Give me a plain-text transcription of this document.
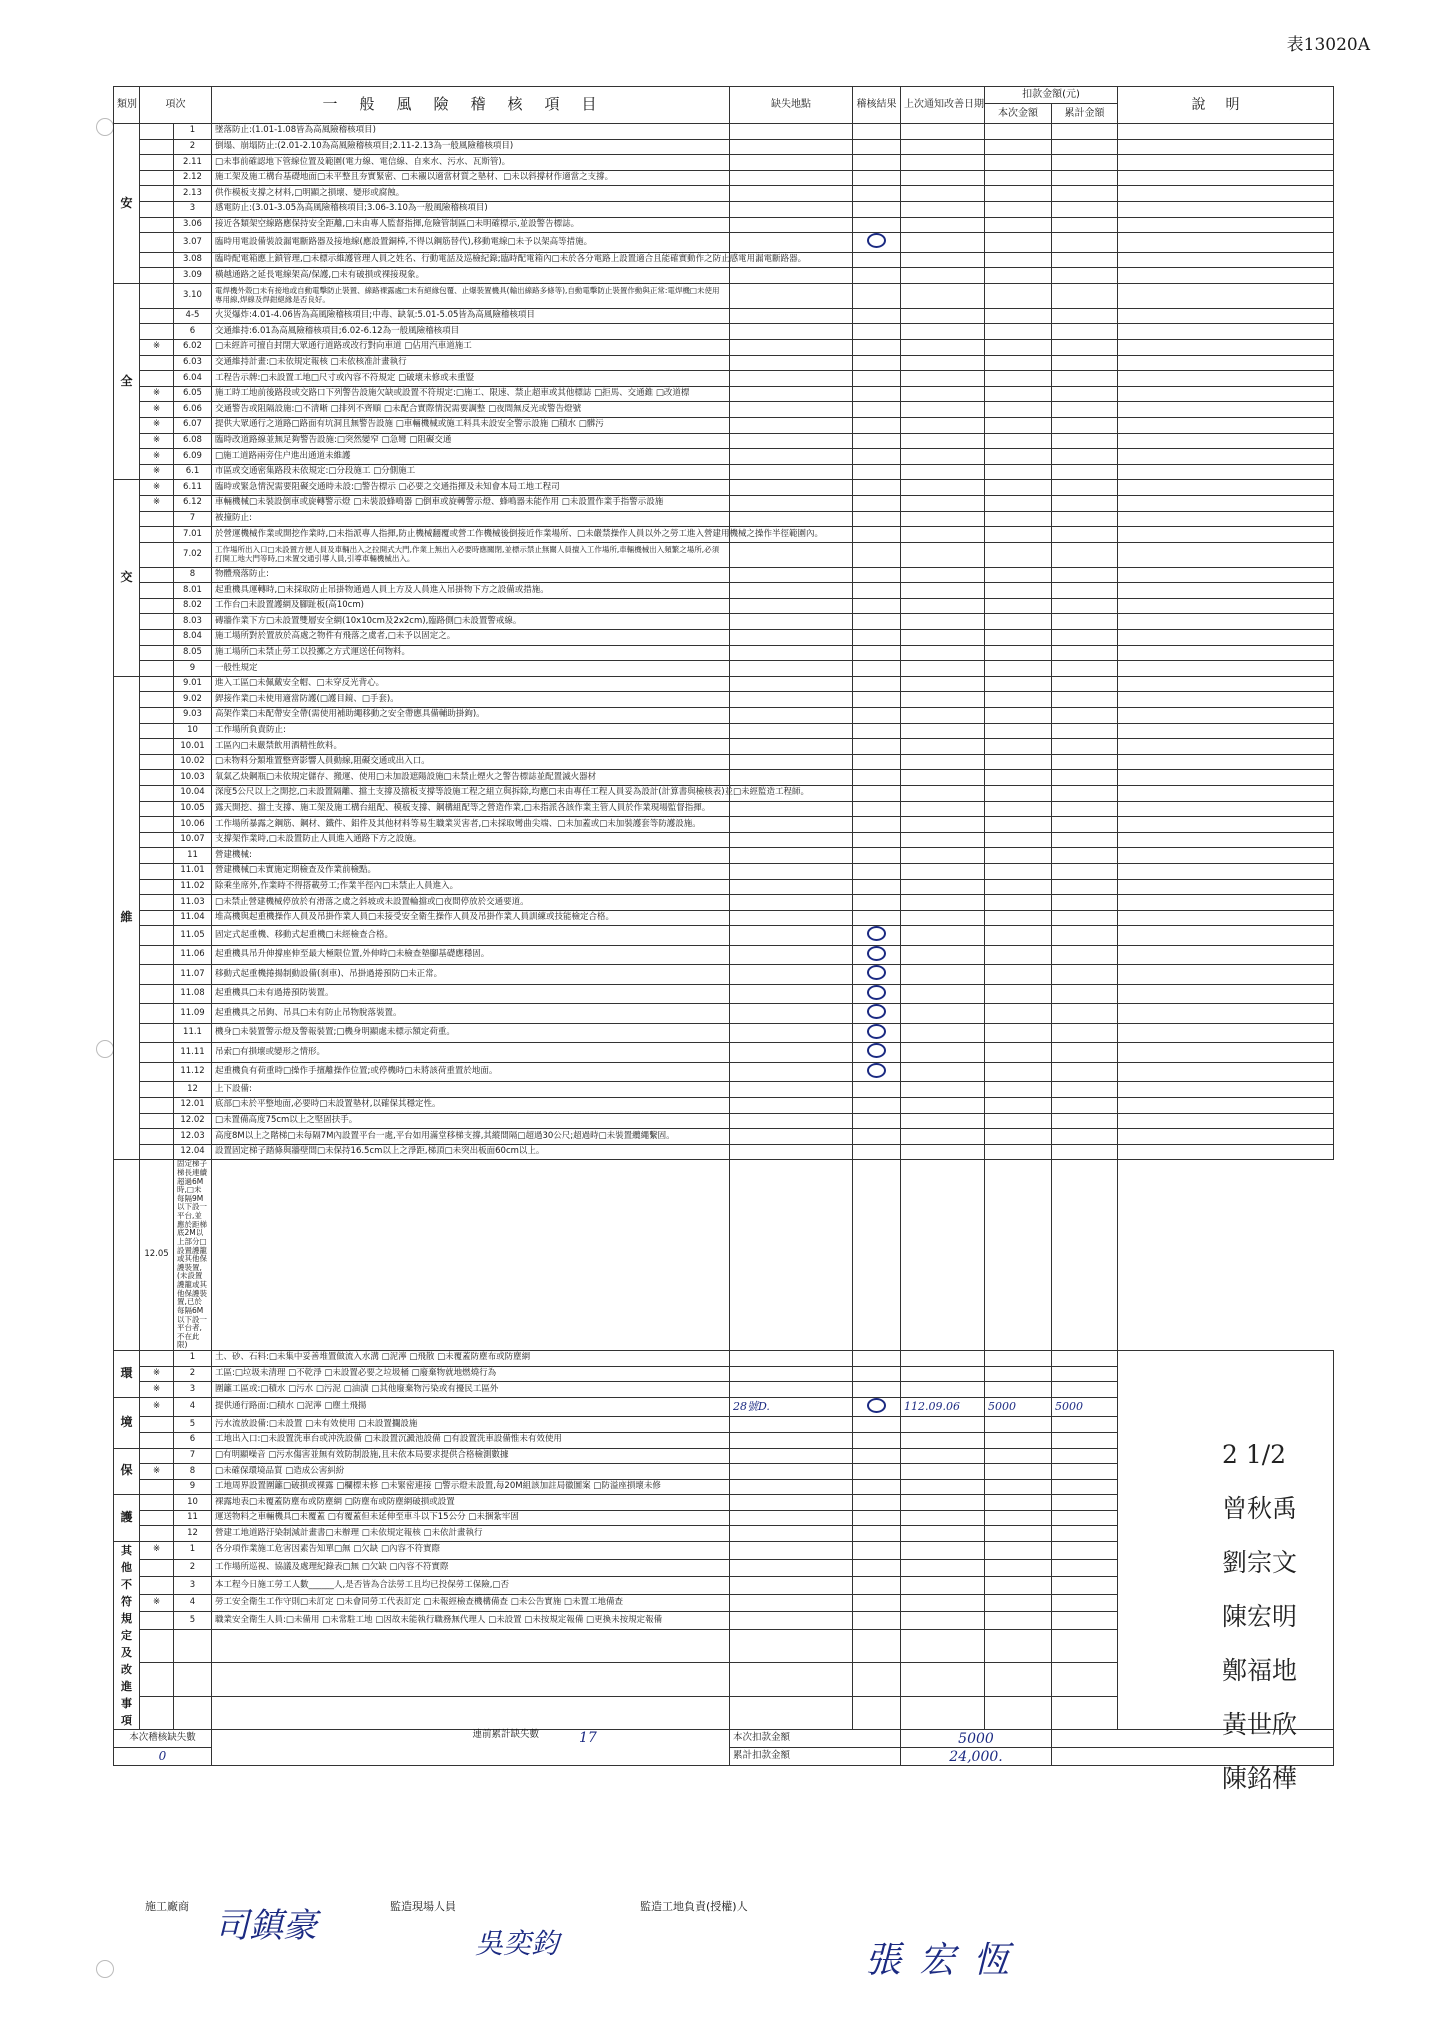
表13020A
類別	項次		一般風險稽核項目	缺失地點	稽核結果	上次通知改善日期	扣款金額(元)		說明
							本次金額	累計金額	
安		1	墜落防止:(1.01-1.08皆為高風險稽核項目)						
		2	倒塌、崩塌防止:(2.01-2.10為高風險稽核項目;2.11-2.13為一般風險稽核項目)						
		2.11	□未事前確認地下管線位置及範圍(電力線、電信線、自來水、污水、瓦斯管)。						
		2.12	施工架及施工構台基礎地面□未平整且夯實緊密、□未襯以適當材質之墊材、□未以斜撐材作適當之支撐。						
		2.13	供作模板支撐之材料,□明顯之損壞、變形或腐蝕。						
		3	感電防止:(3.01-3.05為高風險稽核項目;3.06-3.10為一般風險稽核項目)						
		3.06	接近各類架空線路應保持安全距離,□未由專人監督指揮,危險管制區□未明確標示,並設警告標誌。						
		3.07	臨時用電設備裝設漏電斷路器及接地線(應設置銅棒,不得以鋼筋替代),移動電線□未予以架高等措施。						
		3.08	臨時配電箱應上鎖管理,□未標示維護管理人員之姓名、行動電話及巡檢紀錄;臨時配電箱內□未於各分電路上設置適合且能確實動作之防止感電用漏電斷路器。						
		3.09	橫越通路之延長電線架高/保護,□未有破損或裸接現象。						
全		3.10	電焊機外殼□未有接地或自動電擊防止裝置、線路裸露處□未有絕緣包覆、止爆裝置機具(輸出線路多條等),自動電擊防止裝置作動與正常:電焊機□未使用專用線,焊線及焊鉗絕緣是否良好。						
		4-5	火災爆炸:4.01-4.06皆為高風險稽核項目;中毒、缺氧:5.01-5.05皆為高風險稽核項目						
		6	交通維持:6.01為高風險稽核項目;6.02-6.12為一般風險稽核項目						
	※	6.02	□未經許可擅自封閉大眾通行道路或改行對向車道 □佔用汽車道施工						
		6.03	交通維持計畫:□未依規定報核 □未依核准計畫執行						
		6.04	工程告示牌:□未設置工地□尺寸或內容不符規定 □破壞未修或未重豎						
	※	6.05	施工時工地前後路段或交路口下列警告設施欠缺或設置不符規定:□施工、限速、禁止超車或其他標誌 □拒馬、交通錐 □改道標						
	※	6.06	交通警告或阻隔設施:□不清晰 □排列不齊順 □未配合實際情況需要調整 □夜間無反光或警告燈號						
	※	6.07	提供大眾通行之道路□路面有坑洞且無警告設施 □車輛機械或施工料具未設安全警示設施 □積水 □髒污						
	※	6.08	臨時改道路線並無足夠警告設施:□突然變窄 □急彎 □阻礙交通						
	※	6.09	□施工道路兩旁住户進出通道未維護						
	※	6.1	市區或交通密集路段未依規定:□分段施工 □分側施工						
交	※	6.11	臨時或緊急情況需要阻礙交通時未設:□警告標示 □必要之交通指揮及未知會本局工地工程司						
	※	6.12	車輛機械□未裝設倒車或旋轉警示燈 □未裝設蜂鳴器 □倒車或旋轉警示燈、蜂鳴器未能作用 □未設置作業手指警示設施						
		7	被撞防止:						
		7.01	於營運機械作業或開挖作業時,□未指派專人指揮,防止機械翻覆或營工作機械後倒接近作業場所、□未嚴禁操作人員以外之勞工進入營建用機械之操作半徑範圍內。						
		7.02	工作場所出入口□未設置方便人員及車輛出入之拉開式大門,作業上無出入必要時應關閉,並標示禁止無關人員擅入工作場所,車輛機械出入頻繁之場所,必須打開工地大門等時,□未置交通引導人員,引導車輛機械出入。						
		8	物體飛落防止:						
		8.01	起重機具運轉時,□未採取防止吊掛物通過人員上方及人員進入吊掛物下方之設備或措施。						
		8.02	工作台□未設置護網及腳趾板(高10cm)						
		8.03	磚牆作業下方□未設置雙層安全網(10x10cm及2x2cm),臨路側□未設置警戒線。						
		8.04	施工場所對於置放於高處之物件有飛落之虞者,□未予以固定之。						
		8.05	施工場所□未禁止勞工以投擲之方式運送任何物料。						
		9	一般性規定						
維		9.01	進入工區□未佩戴安全帽、□未穿反光背心。						
		9.02	銲接作業□未使用適當防護(□護目鏡、□手套)。						
		9.03	高架作業□未配帶安全帶(需使用補助繩移動之安全帶應具備輔助掛鉤)。						
		10	工作場所負責防止:						
		10.01	工區內□未嚴禁飲用酒精性飲料。						
		10.02	□未物料分類堆置整齊影響人員動線,阻礙交通或出入口。						
		10.03	氧氣乙炔鋼瓶□未依規定儲存、搬運、使用□未加設遮陽設施□未禁止煙火之警告標誌並配置滅火器材						
		10.04	深度5公尺以上之開挖,□未設置隔離、擋土支撐及擋板支撐等設施工程之組立與拆除,均應□未由專任工程人員妥為設計(計算書與檢核表)並□未經監造工程師。						
		10.05	露天開挖、擋土支撐、施工架及施工構台組配、模板支撐、鋼構組配等之營造作業,□未指派各該作業主管人員於作業現場監督指揮。						
		10.06	工作場所暴露之鋼筋、鋼材、鐵件、鋁件及其他材料等易生職業災害者,□未採取彎曲尖端、□未加蓋或□未加裝護套等防護設施。						
		10.07	支撐架作業時,□未設置防止人員進入通路下方之設施。						
		11	營建機械:						
		11.01	營建機械□未實施定期檢查及作業前檢點。						
		11.02	除乘坐席外,作業時不得搭載勞工;作業半徑內□未禁止人員進入。						
		11.03	□未禁止營建機械停放於有滑落之虞之斜坡或未設置輪擋或□夜間停放於交通要道。						
		11.04	堆高機與起重機操作人員及吊掛作業人員□未接受安全衛生操作人員及吊掛作業人員訓練或技能檢定合格。						
		11.05	固定式起重機、移動式起重機□未經檢查合格。						
		11.06	起重機具吊升伸撐座伸至最大極限位置,外伸時□未檢查墊腳基礎應穩固。						
		11.07	移動式起重機捲揚制動設備(刹車)、吊掛過捲預防□未正常。						
		11.08	起重機具□未有過捲預防裝置。						
		11.09	起重機具之吊鉤、吊具□未有防止吊物脫落裝置。						
		11.1	機身□未裝置警示燈及警報裝置;□機身明顯處未標示額定荷重。						
		11.11	吊索□有損壞或變形之情形。						
		11.12	起重機負有荷重時□操作手擅離操作位置;或停機時□未將該荷重置於地面。						
		12	上下設備:						
		12.01	底部□未於平整地面,必要時□未設置墊材,以確保其穩定性。						
		12.02	□未置備高度75cm以上之堅固扶手。						
		12.03	高度8M以上之階梯□未每隔7M內設置平台一處,平台如用滿堂移梯支撐,其縱間隔□超過30公尺;超過時□未裝置纜繩繫固。						
		12.04	設置固定梯子踏條與牆壁間□未保持16.5cm以上之淨距,梯頂□未突出板面60cm以上。						
	12.05	固定梯子梯長連續超過6M時,□未每隔9M以下設一平台,並應於距梯底2M以上部分□設置護籠或其他保護裝置,(未設置護籠或其他保護裝置,已於每隔6M以下設一平台者,不在此限)							
環		1	土、砂、石料:□未集中妥善堆置做流入水溝 □泥濘 □飛散 □未覆蓋防塵布或防塵網						
	※	2	工區:□垃圾未清理 □不乾淨 □未設置必要之垃圾桶 □廢棄物就地燃燒行為						
	※	3	圍籬工區或:□積水 □污水 □污泥 □油漬 □其他廢棄物污染或有擾民工區外						
境	※	4	提供通行路面:□積水 □泥濘 □塵土飛揚	28號D.		112.09.06	5000	5000	
		5	污水流放設備:□未設置 □未有效使用 □未設置攔設施						
		6	工地出入口:□未設置洗車台或沖洗設備 □未設置沉澱池設備 □有設置洗車設備惟未有效使用						
保		7	□有明顯噪音 □污水傷害並無有效防制設施,且未依本局要求提供合格檢測數據						
	※	8	□未確保環境品質 □造成公害糾紛						
		9	工地周界設置圍籬□破損或裸露 □欄標未修 □未緊密連接 □警示燈未設置,每20M組該加註局徽圖案 □防溢座損壞未修						
護		10	裸露地表□未覆蓋防塵布或防塵網 □防塵布或防塵網破損或設置						
		11	運送物料之車輛機具□未覆蓋 □有覆蓋但未延伸至車斗以下15公分 □未捆紮牢固						
		12	營建工地道路汙染制減計畫書□未辦理 □未依規定報核 □未依計畫執行						
其他不符規定及改進事項	※	1	各分項作業施工危害因素告知單□無 □欠缺 □內容不符實際						
		2	工作場所巡視、協議及處理紀錄表□無 □欠缺 □內容不符實際						
		3	本工程今日施工勞工人數______人,是否皆為合法勞工且均已投保勞工保險,□否						
	※	4	勞工安全衛生工作守則□未訂定 □未會同勞工代表訂定 □未報經檢查機構備查 □未公告實施 □未置工地備查						
		5	職業安全衛生人員:□未備用 □未常駐工地 □因故未能執行職務無代理人 □未設置 □未按規定報備 □更換未按規定報備						

本次稽核缺失數			連前累計缺失數 17	本次扣款金額		5000			
0				累計扣款金額		24,000.			
2 1/2
曾秋禹
劉宗文
陳宏明
鄭福地
黃世欣
陳銘樺
施工廠商 司鎮豪	監造現場人員
吳奕鈞
監造工地負責(授權)人
張宏恆
